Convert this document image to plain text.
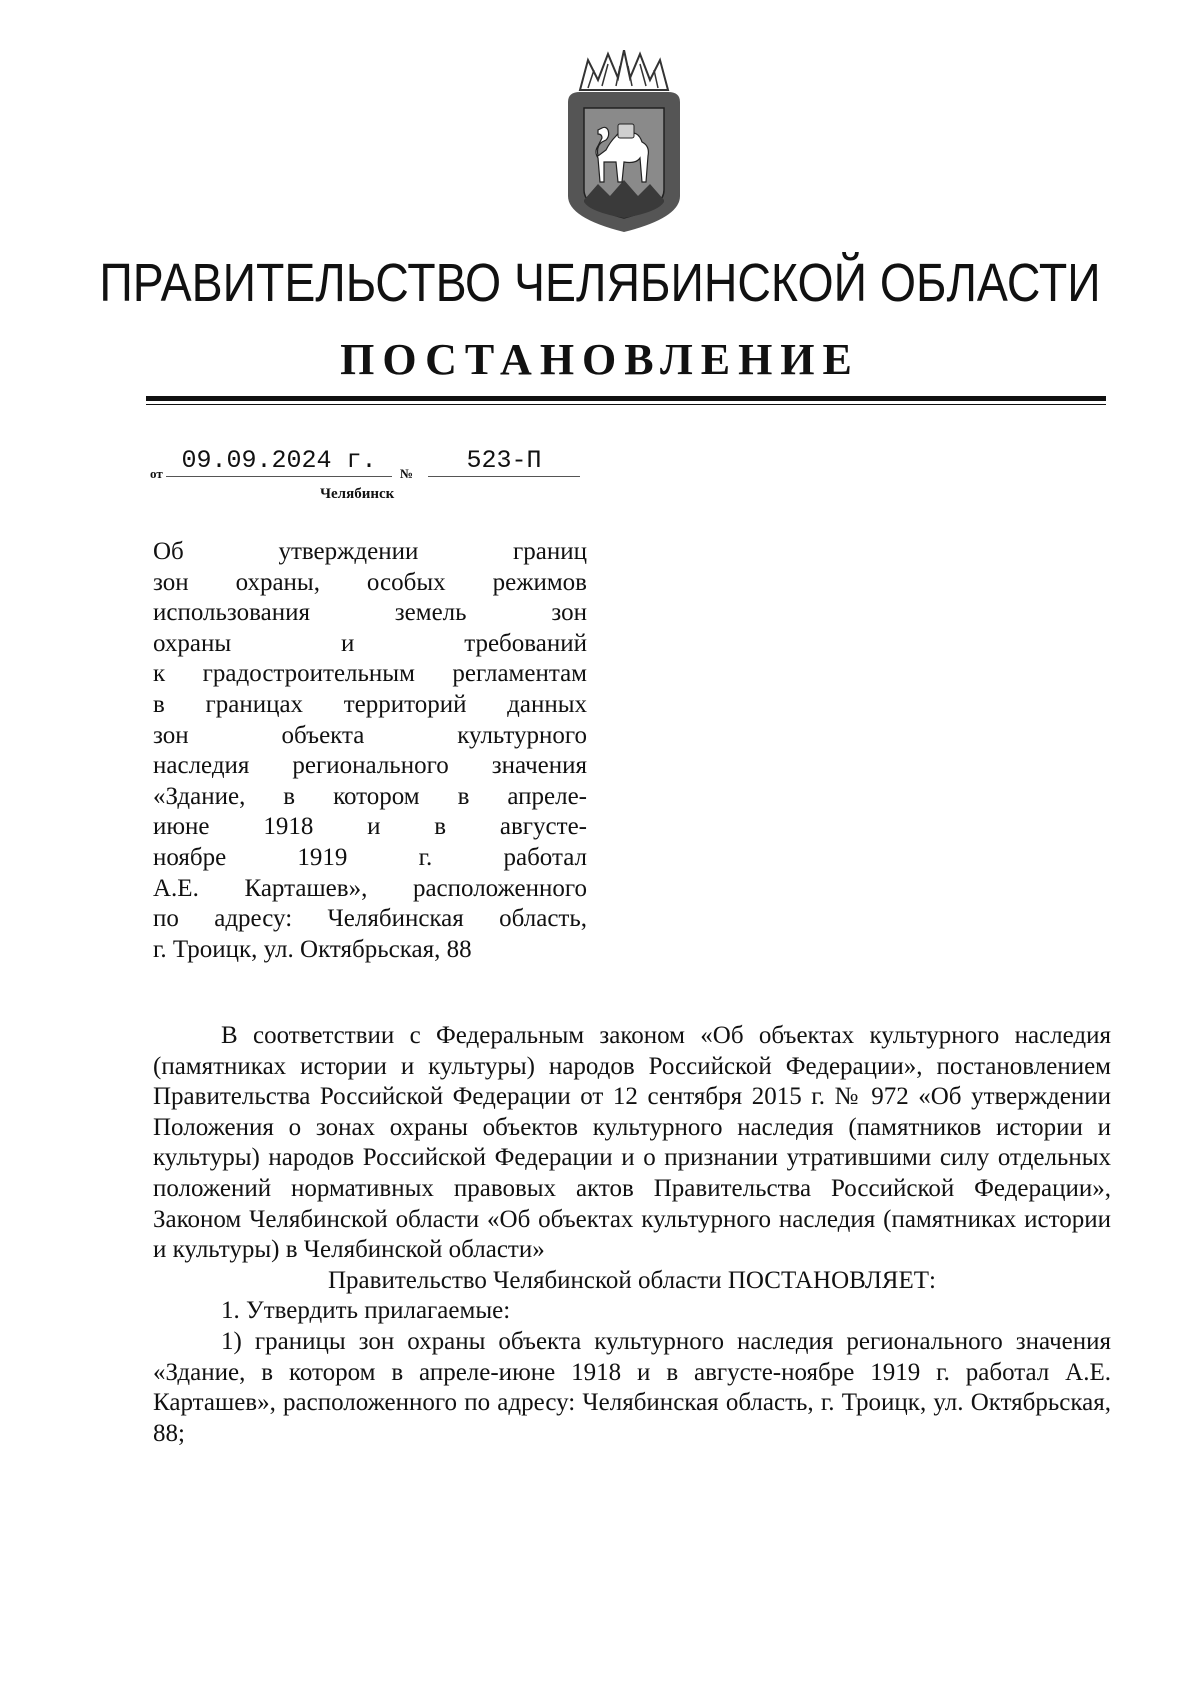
ПРАВИТЕЛЬСТВО ЧЕЛЯБИНСКОЙ ОБЛАСТИ
ПОСТАНОВЛЕНИЕ
от 09.09.2024 г.	№	523-П
Челябинск

Об утверждении границ
зон охраны, особых режимов
использования земель зон
охраны и требований
к градостроительным регламентам
в границах территорий данных
зон объекта культурного
наследия регионального значения
«Здание, в котором в апреле-
июне 1918 и в августе-
ноябре 1919 г. работал
А.Е. Карташев», расположенного
по адресу: Челябинская область,
г. Троицк, ул. Октябрьская, 88

В соответствии с Федеральным законом «Об объектах культурного наследия (памятниках истории и культуры) народов Российской Федерации», постановлением Правительства Российской Федерации от 12 сентября 2015 г. № 972 «Об утверждении Положения о зонах охраны объектов культурного наследия (памятников истории и культуры) народов Российской Федерации и о признании утратившими силу отдельных положений нормативных правовых актов Правительства Российской Федерации», Законом Челябинской области «Об объектах культурного наследия (памятниках истории и культуры) в Челябинской области»

Правительство Челябинской области ПОСТАНОВЛЯЕТ:

1. Утвердить прилагаемые:

1) границы зон охраны объекта культурного наследия регионального значения «Здание, в котором в апреле-июне 1918 и в августе-ноябре 1919 г. работал А.Е. Карташев», расположенного по адресу: Челябинская область, г. Троицк, ул. Октябрьская, 88;
